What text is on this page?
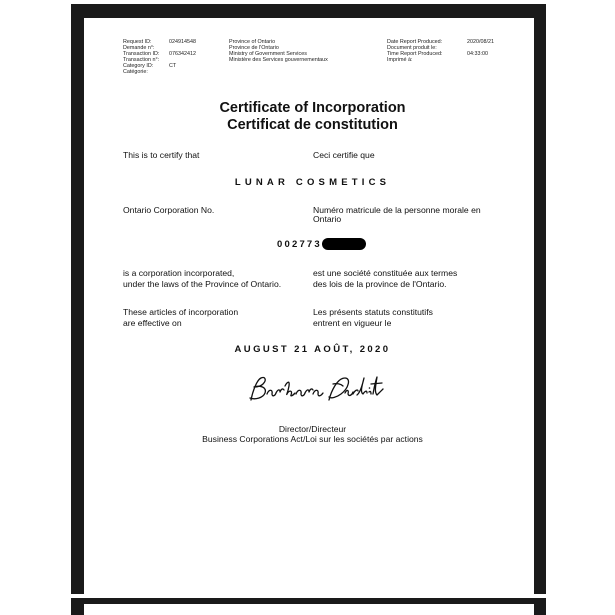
Request ID:	024914548
Demande n°:
Transaction ID: 076342412
Transaction n°:
Category ID:	CT
Catégorie:
Province of Ontario
Province de l'Ontario
Ministry of Government Services
Ministère des Services gouvernementaux
Date Report Produced:	2020/08/21
Document produit le:
Time Report Produced:	04:33:00
Imprimé à:
Certificate of Incorporation
Certificat de constitution
This is to certify that	Ceci certifie que
LUNAR COSMETICS
Ontario Corporation No.	Numéro matricule de la personne morale en
Ontario
002773
is a corporation incorporated,
under the laws of the Province of Ontario.
est une société constituée aux termes
des lois de la province de l'Ontario.
These articles of incorporation
are effective on
Les présents statuts constitutifs
entrent en vigueur le
AUGUST 21 AOÛT, 2020
Director/Directeur
Business Corporations Act/Loi sur les sociétés par actions
